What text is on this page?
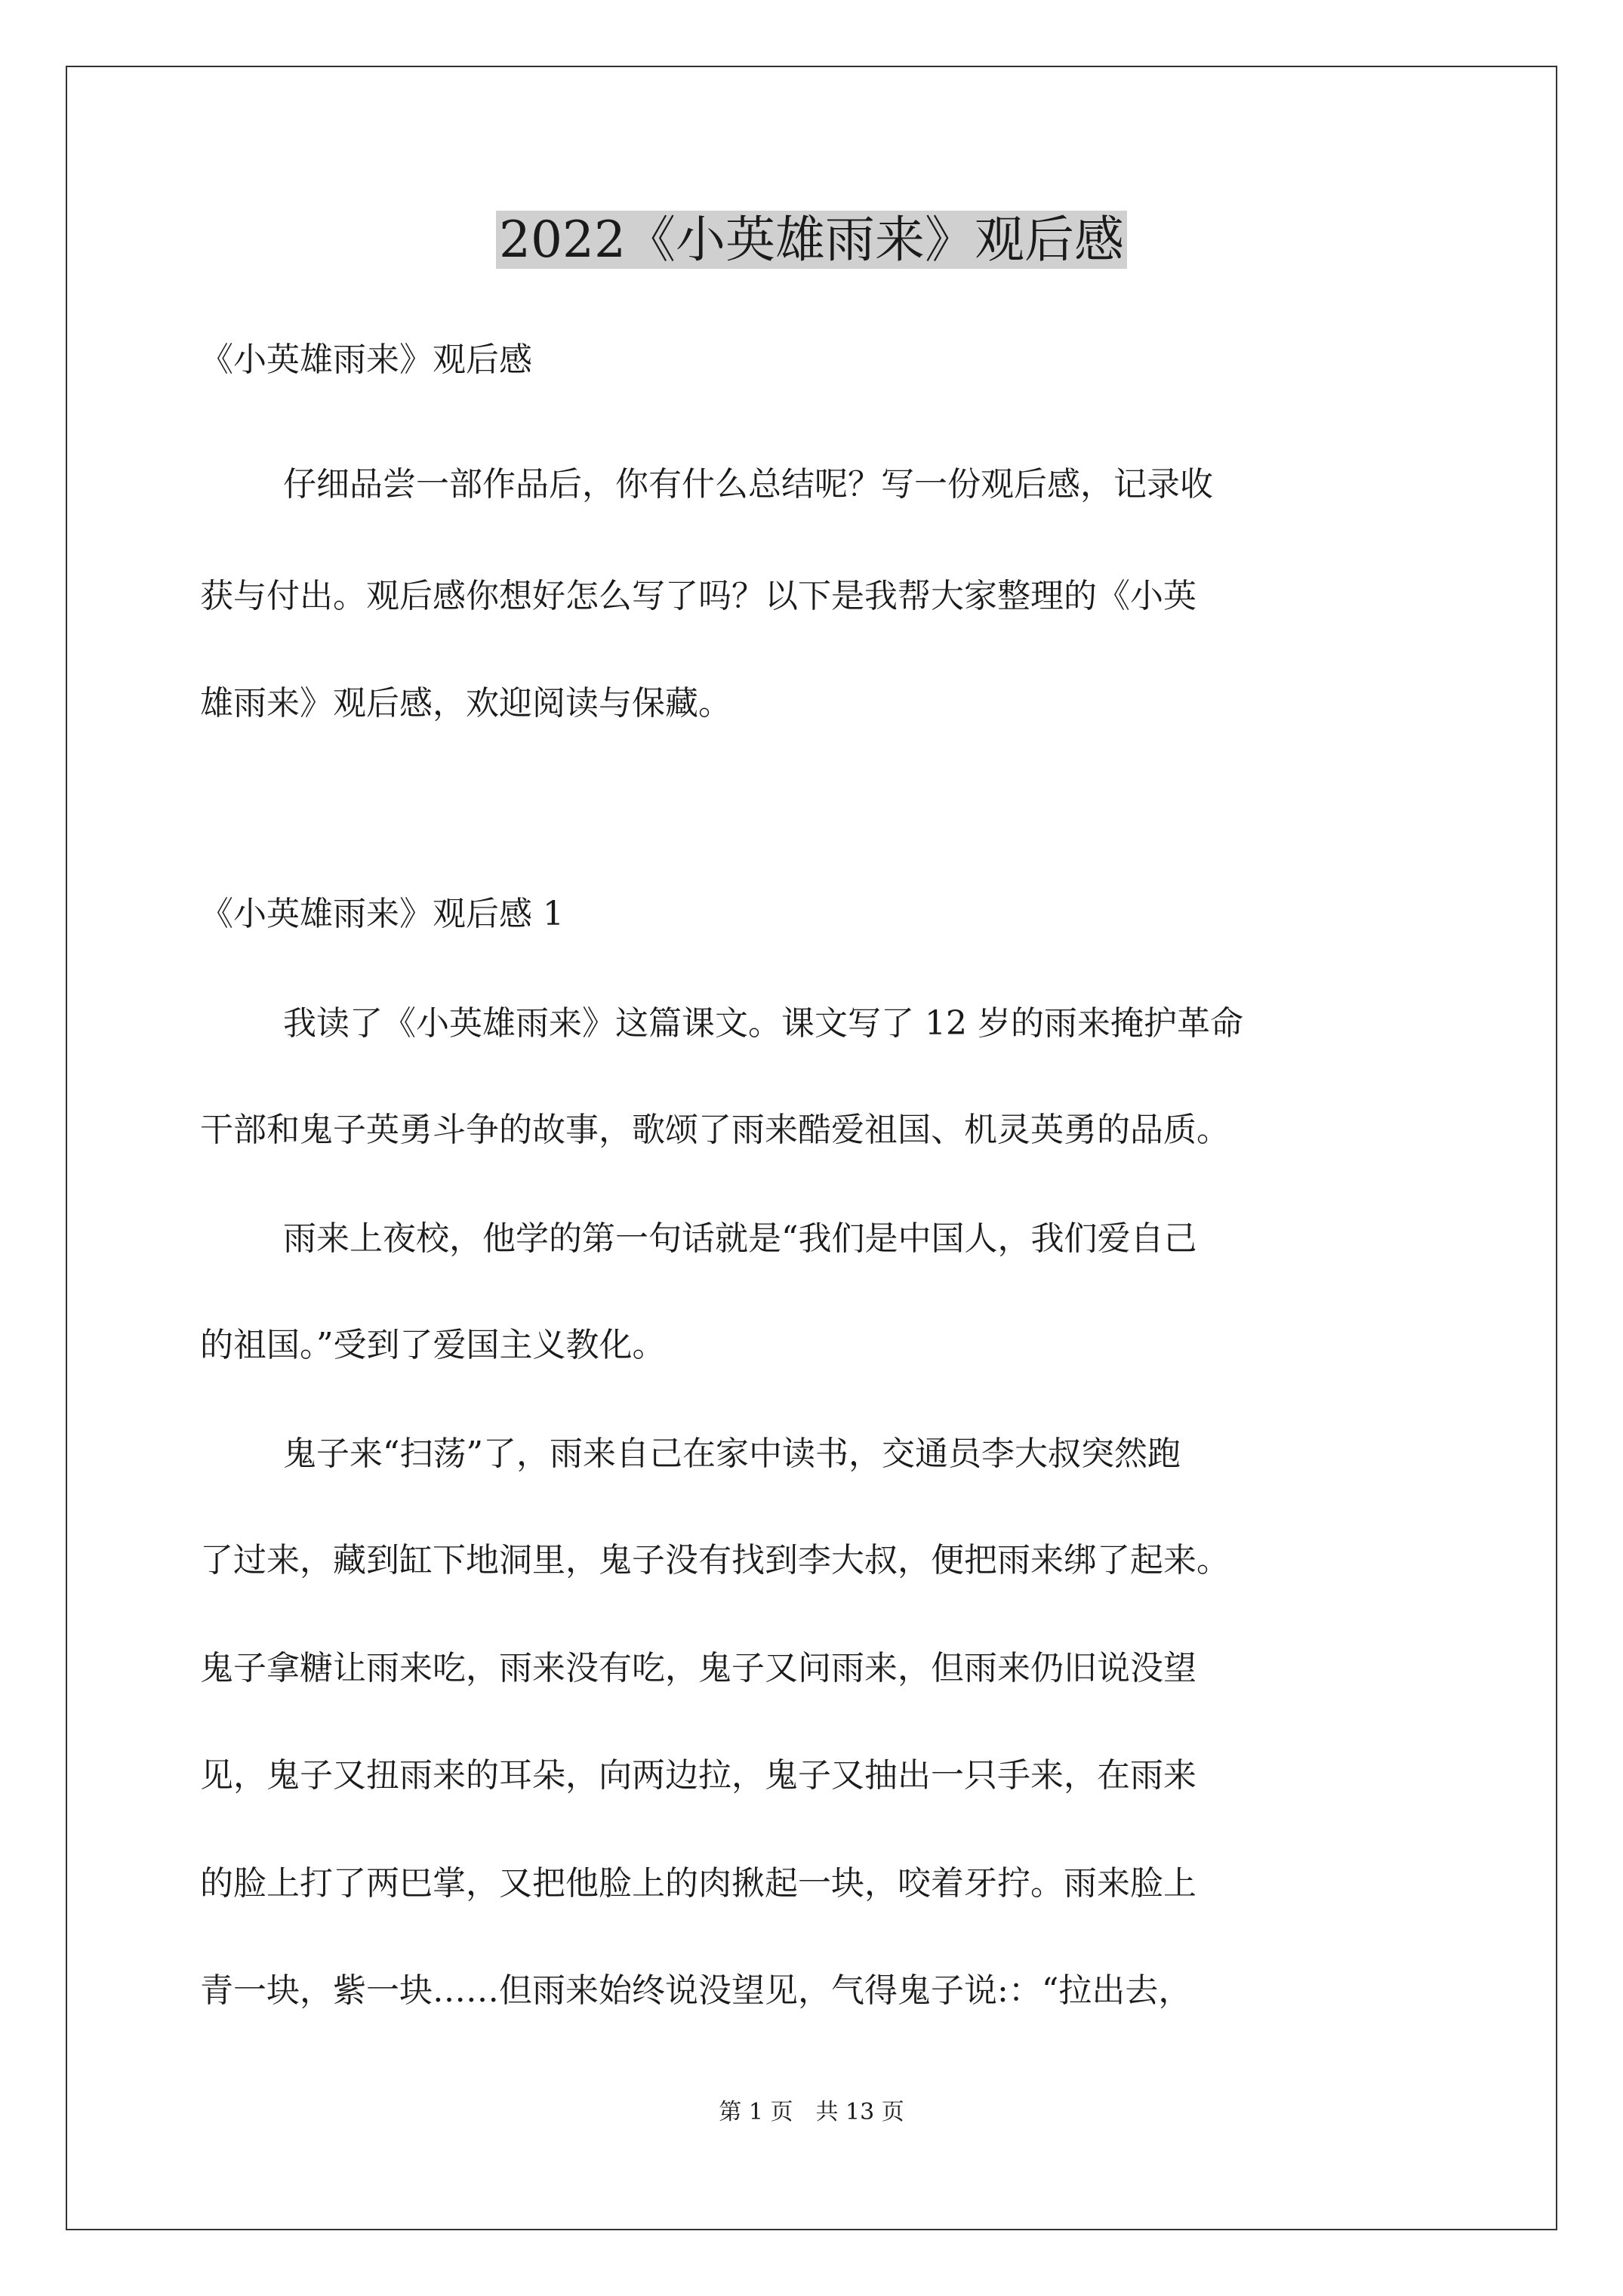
2022《小英雄雨来》观后感
《小英雄雨来》观后感
仔细品尝一部作品后，你有什么总结呢？写一份观后感，记录收
获与付出。观后感你想好怎么写了吗？以下是我帮大家整理的《小英
雄雨来》观后感，欢迎阅读与保藏。
《小英雄雨来》观后感 1
我读了《小英雄雨来》这篇课文。课文写了 12 岁的雨来掩护革命
干部和鬼子英勇斗争的故事，歌颂了雨来酷爱祖国、机灵英勇的品质。
雨来上夜校，他学的第一句话就是“我们是中国人，我们爱自己
的祖国。”受到了爱国主义教化。
鬼子来“扫荡”了，雨来自己在家中读书，交通员李大叔突然跑
了过来，藏到缸下地洞里，鬼子没有找到李大叔，便把雨来绑了起来。
鬼子拿糖让雨来吃，雨来没有吃，鬼子又问雨来，但雨来仍旧说没望
见，鬼子又扭雨来的耳朵，向两边拉，鬼子又抽出一只手来，在雨来
的脸上打了两巴掌，又把他脸上的肉揪起一块，咬着牙拧。雨来脸上
青一块，紫一块……但雨来始终说没望见，气得鬼子说:：“拉出去，
第 1 页　共 13 页
